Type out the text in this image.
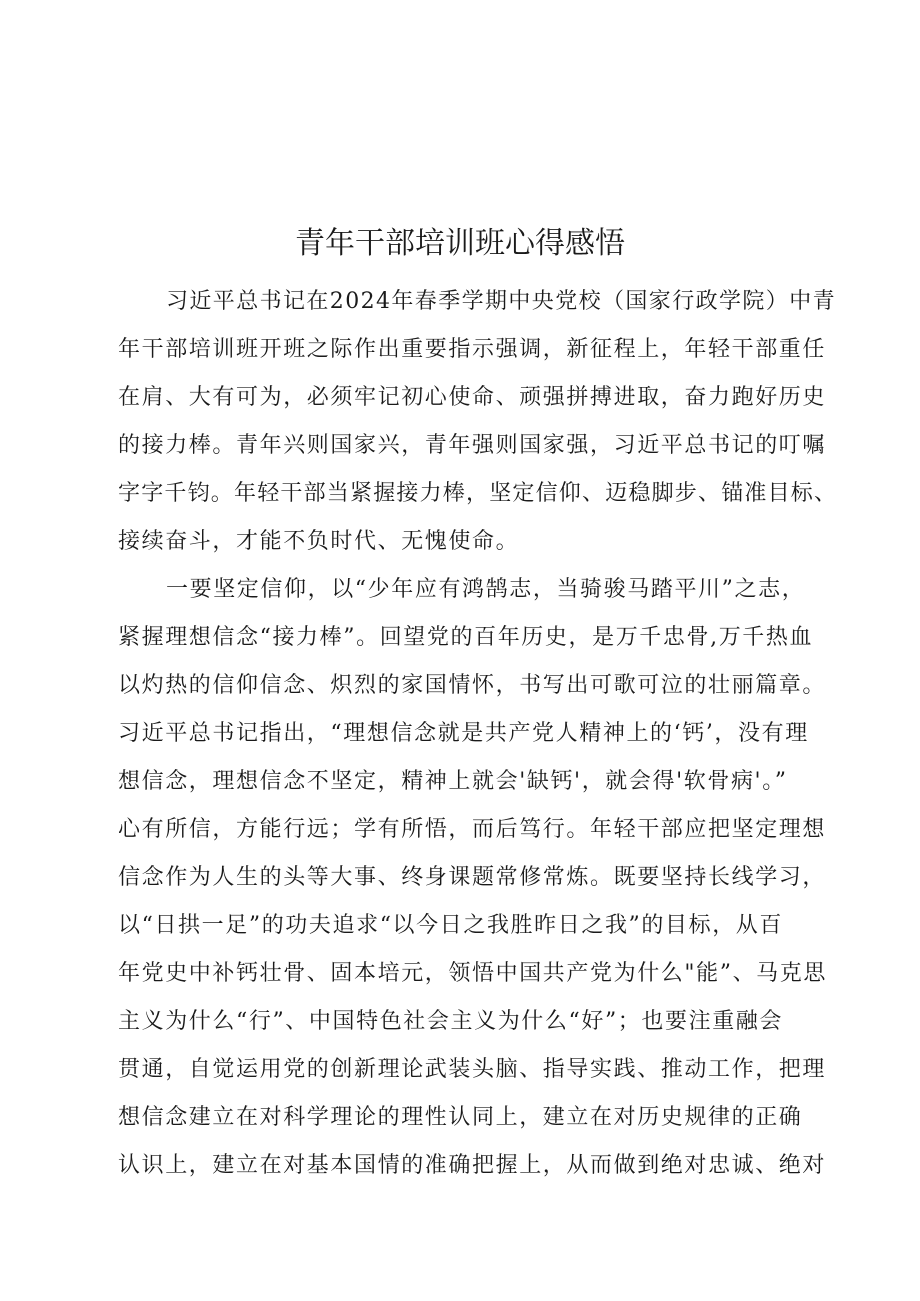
青年干部培训班心得感悟
习近平总书记在2024年春季学期中央党校（国家行政学院）中青
年干部培训班开班之际作出重要指示强调，新征程上，年轻干部重任
在肩、大有可为，必须牢记初心使命、顽强拼搏进取，奋力跑好历史
的接力棒。青年兴则国家兴，青年强则国家强，习近平总书记的叮嘱
字字千钧。年轻干部当紧握接力棒，坚定信仰、迈稳脚步、锚准目标、
接续奋斗，才能不负时代、无愧使命。
一要坚定信仰，以“少年应有鸿鹄志，当骑骏马踏平川”之志，
紧握理想信念“接力棒”。回望党的百年历史，是万千忠骨,万千热血
以灼热的信仰信念、炽烈的家国情怀，书写出可歌可泣的壮丽篇章。
习近平总书记指出，“理想信念就是共产党人精神上的‘钙’，没有理
想信念，理想信念不坚定，精神上就会'缺钙'，就会得'软骨病'。”
心有所信，方能行远；学有所悟，而后笃行。年轻干部应把坚定理想
信念作为人生的头等大事、终身课题常修常炼。既要坚持长线学习，
以“日拱一足”的功夫追求“以今日之我胜昨日之我”的目标，从百
年党史中补钙壮骨、固本培元，领悟中国共产党为什么"能”、马克思
主义为什么“行”、中国特色社会主义为什么“好”；也要注重融会
贯通，自觉运用党的创新理论武装头脑、指导实践、推动工作，把理
想信念建立在对科学理论的理性认同上，建立在对历史规律的正确
认识上，建立在对基本国情的准确把握上，从而做到绝对忠诚、绝对
